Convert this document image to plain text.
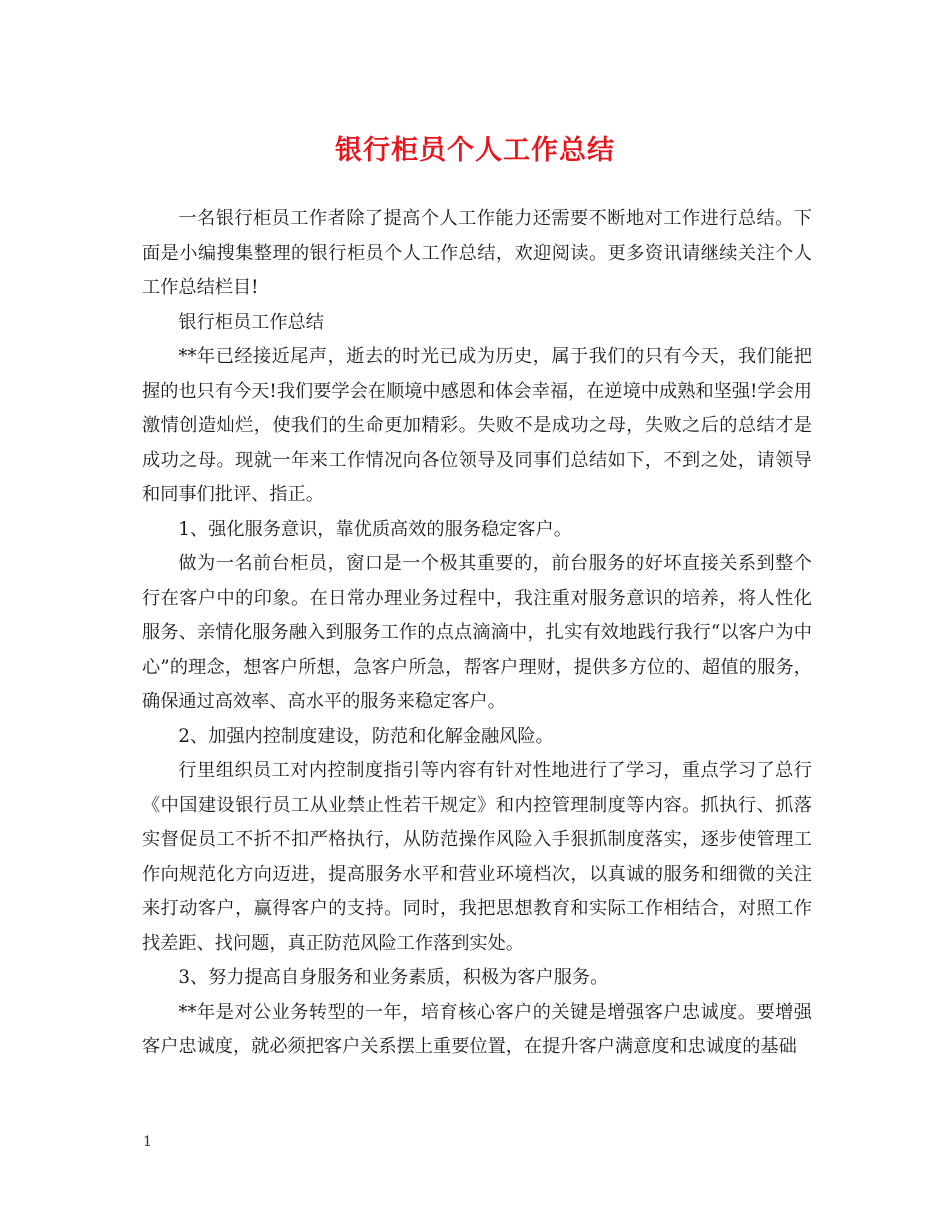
银行柜员个人工作总结

一名银行柜员工作者除了提高个人工作能力还需要不断地对工作进行总结。下面是小编搜集整理的银行柜员个人工作总结，欢迎阅读。更多资讯请继续关注个人工作总结栏目!

银行柜员工作总结

**年已经接近尾声，逝去的时光已成为历史，属于我们的只有今天，我们能把握的也只有今天!我们要学会在顺境中感恩和体会幸福，在逆境中成熟和坚强!学会用激情创造灿烂，使我们的生命更加精彩。失败不是成功之母，失败之后的总结才是成功之母。现就一年来工作情况向各位领导及同事们总结如下，不到之处，请领导和同事们批评、指正。

1、强化服务意识，靠优质高效的服务稳定客户。

做为一名前台柜员，窗口是一个极其重要的，前台服务的好坏直接关系到整个行在客户中的印象。在日常办理业务过程中，我注重对服务意识的培养，将人性化服务、亲情化服务融入到服务工作的点点滴滴中，扎实有效地践行我行“以客户为中心”的理念，想客户所想，急客户所急，帮客户理财，提供多方位的、超值的服务，确保通过高效率、高水平的服务来稳定客户。

2、加强内控制度建设，防范和化解金融风险。

行里组织员工对内控制度指引等内容有针对性地进行了学习，重点学习了总行《中国建设银行员工从业禁止性若干规定》和内控管理制度等内容。抓执行、抓落实督促员工不折不扣严格执行，从防范操作风险入手狠抓制度落实，逐步使管理工作向规范化方向迈进，提高服务水平和营业环境档次，以真诚的服务和细微的关注来打动客户，赢得客户的支持。同时，我把思想教育和实际工作相结合，对照工作找差距、找问题，真正防范风险工作落到实处。

3、努力提高自身服务和业务素质，积极为客户服务。

**年是对公业务转型的一年，培育核心客户的关键是增强客户忠诚度。要增强客户忠诚度，就必须把客户关系摆上重要位置，在提升客户满意度和忠诚度的基础

1
